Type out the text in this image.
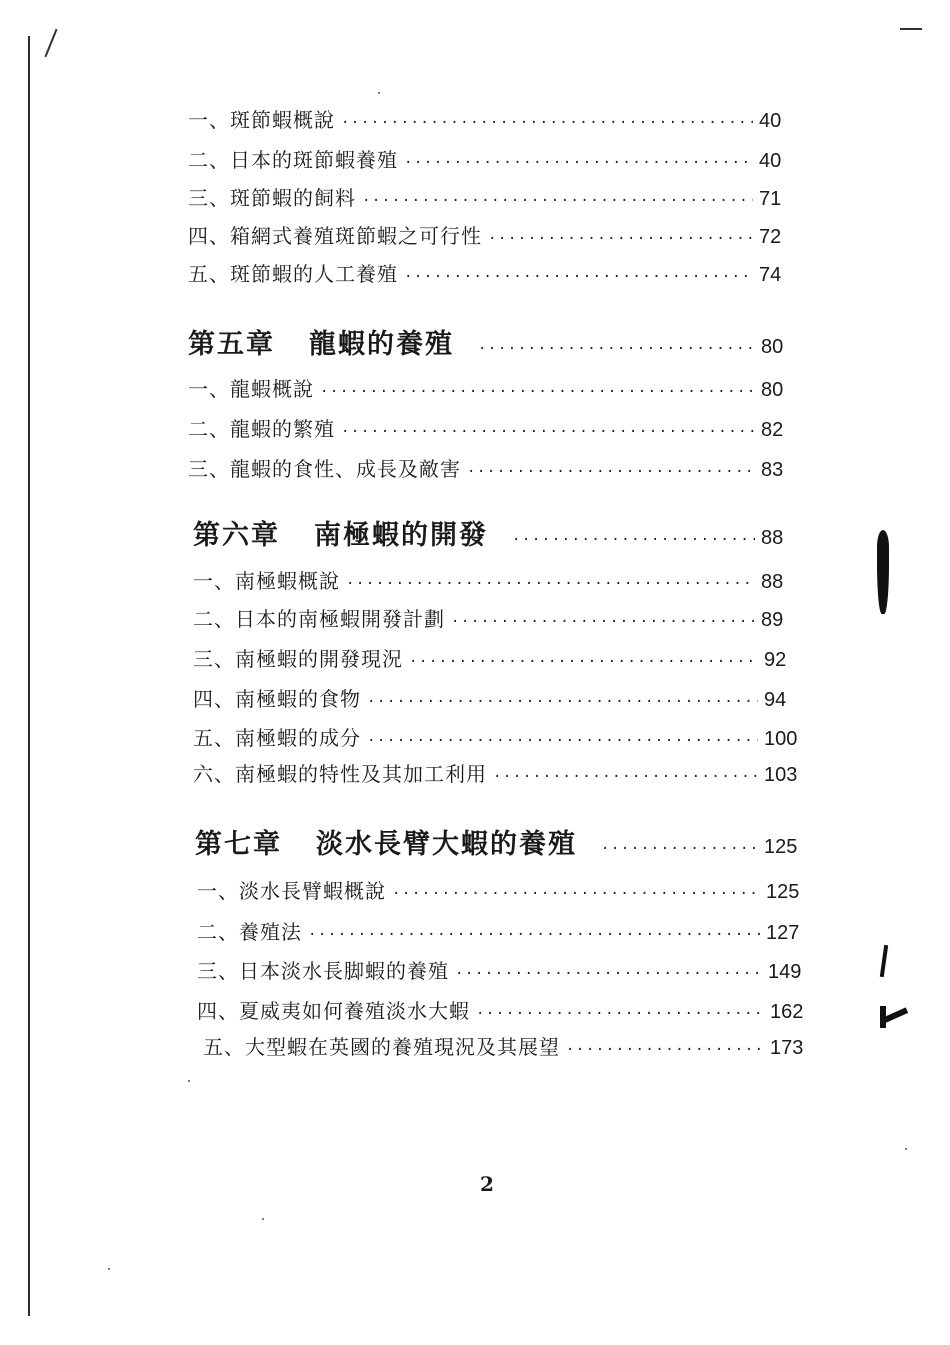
一、斑節蝦概說 ·····	40
二、日本的斑節蝦養殖 ·····	40
三、斑節蝦的飼料 ·····	71
四、箱網式養殖斑節蝦之可行性 ·····	72
五、斑節蝦的人工養殖 ·····	74
第五章 龍蝦的養殖 ·····	80
一、龍蝦概說 ·····	80
二、龍蝦的繁殖 ·····	82
三、龍蝦的食性、成長及敵害 ·····	83
第六章 南極蝦的開發 ·····	88
一、南極蝦概說 ·····	88
二、日本的南極蝦開發計劃 ·····	89
三、南極蝦的開發現況 ·····	92
四、南極蝦的食物 ·····	94
五、南極蝦的成分 ·····	100
六、南極蝦的特性及其加工利用 ·····	103
第七章 淡水長臂大蝦的養殖 ·····	125
一、淡水長臂蝦概說 ·····	125
二、養殖法 ·····	127
三、日本淡水長脚蝦的養殖 ·····	149
四、夏威夷如何養殖淡水大蝦 ·····	162
五、大型蝦在英國的養殖現況及其展望 ·····	173
2
